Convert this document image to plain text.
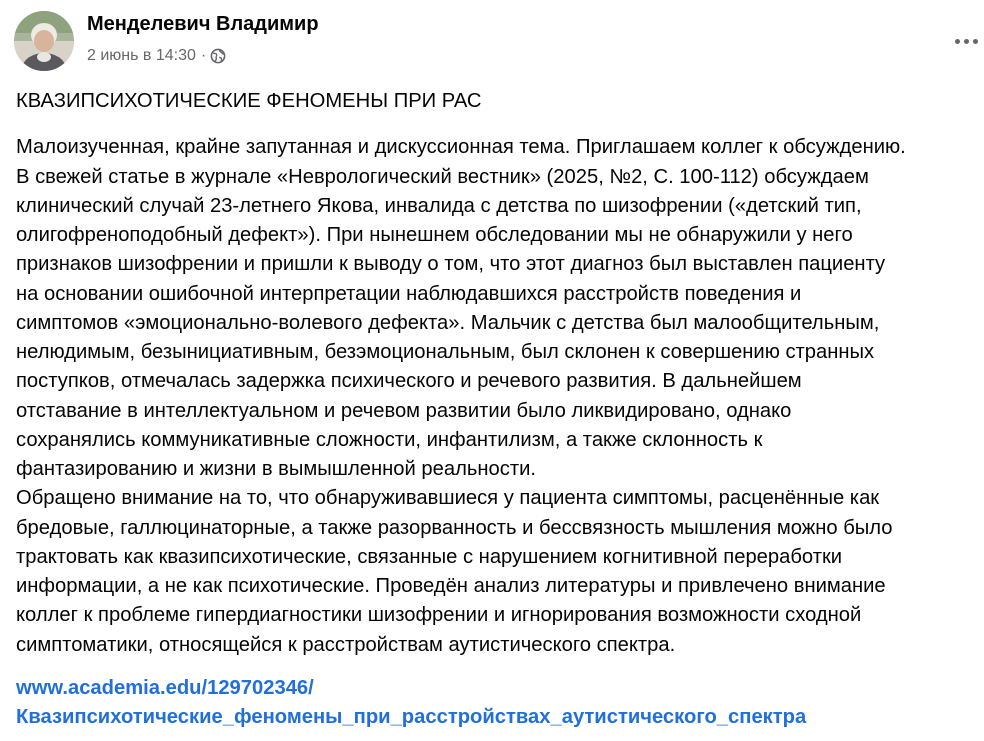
Менделевич Владимир
2 июнь в 14:30 ·

КВАЗИПСИХОТИЧЕСКИЕ ФЕНОМЕНЫ ПРИ РАС

Малоизученная, крайне запутанная и дискуссионная тема. Приглашаем коллег к обсуждению.

В свежей статье в журнале «Неврологический вестник» (2025, №2, С. 100-112) обсуждаем

клинический случай 23-летнего Якова, инвалида с детства по шизофрении («детский тип,

олигофреноподобный дефект»). При нынешнем обследовании мы не обнаружили у него

признаков шизофрении и пришли к выводу о том, что этот диагноз был выставлен пациенту

на основании ошибочной интерпретации наблюдавшихся расстройств поведения и

симптомов «эмоционально-волевого дефекта». Мальчик с детства был малообщительным,

нелюдимым, безынициативным, безэмоциональным, был склонен к совершению странных

поступков, отмечалась задержка психического и речевого развития. В дальнейшем

отставание в интеллектуальном и речевом развитии было ликвидировано, однако

сохранялись коммуникативные сложности, инфантилизм, а также склонность к

фантазированию и жизни в вымышленной реальности.

Обращено внимание на то, что обнаруживавшиеся у пациента симптомы, расценённые как

бредовые, галлюцинаторные, а также разорванность и бессвязность мышления можно было

трактовать как квазипсихотические, связанные с нарушением когнитивной переработки

информации, а не как психотические. Проведён анализ литературы и привлечено внимание

коллег к проблеме гипердиагностики шизофрении и игнорирования возможности сходной

симптоматики, относящейся к расстройствам аутистического спектра.

www.academia.edu/129702346/

Квазипсихотические_феномены_при_расстройствах_аутистического_спектра
